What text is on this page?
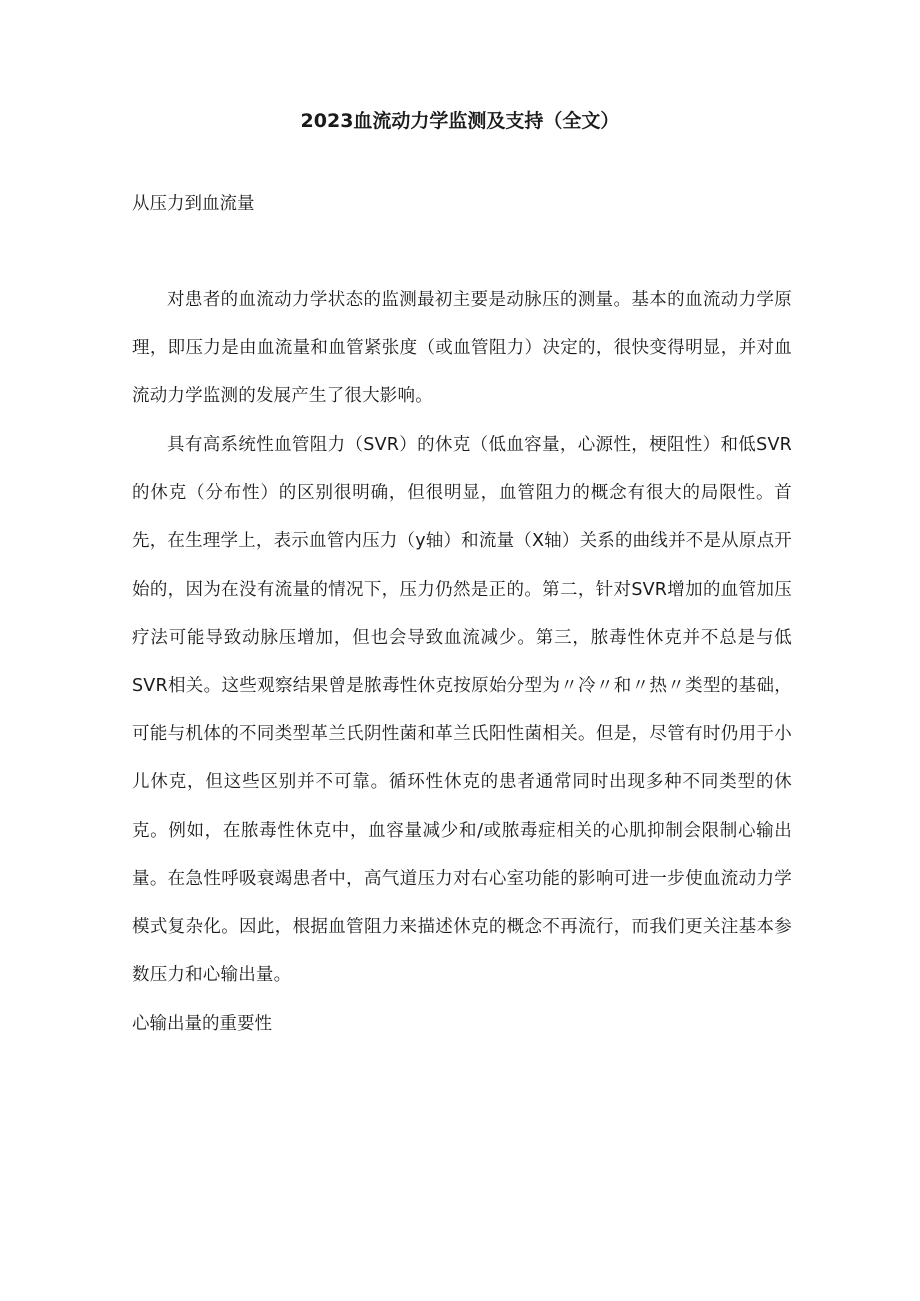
2023血流动力学监测及支持（全文）
从压力到血流量

对患者的血流动力学状态的监测最初主要是动脉压的测量。基本的血流动力学原理，即压力是由血流量和血管紧张度（或血管阻力）决定的，很快变得明显，并对血流动力学监测的发展产生了很大影响。

具有高系统性血管阻力（SVR）的休克（低血容量，心源性，梗阻性）和低SVR的休克（分布性）的区别很明确，但很明显，血管阻力的概念有很大的局限性。首先，在生理学上，表示血管内压力（y轴）和流量（X轴）关系的曲线并不是从原点开始的，因为在没有流量的情况下，压力仍然是正的。第二，针对SVR增加的血管加压疗法可能导致动脉压增加，但也会导致血流减少。第三，脓毒性休克并不总是与低SVR相关。这些观察结果曾是脓毒性休克按原始分型为〃冷〃和〃热〃类型的基础，可能与机体的不同类型革兰氏阴性菌和革兰氏阳性菌相关。但是，尽管有时仍用于小儿休克，但这些区别并不可靠。循环性休克的患者通常同时出现多种不同类型的休克。例如，在脓毒性休克中，血容量减少和/或脓毒症相关的心肌抑制会限制心输出量。在急性呼吸衰竭患者中，高气道压力对右心室功能的影响可进一步使血流动力学模式复杂化。因此，根据血管阻力来描述休克的概念不再流行，而我们更关注基本参数压力和心输出量。

心输出量的重要性
